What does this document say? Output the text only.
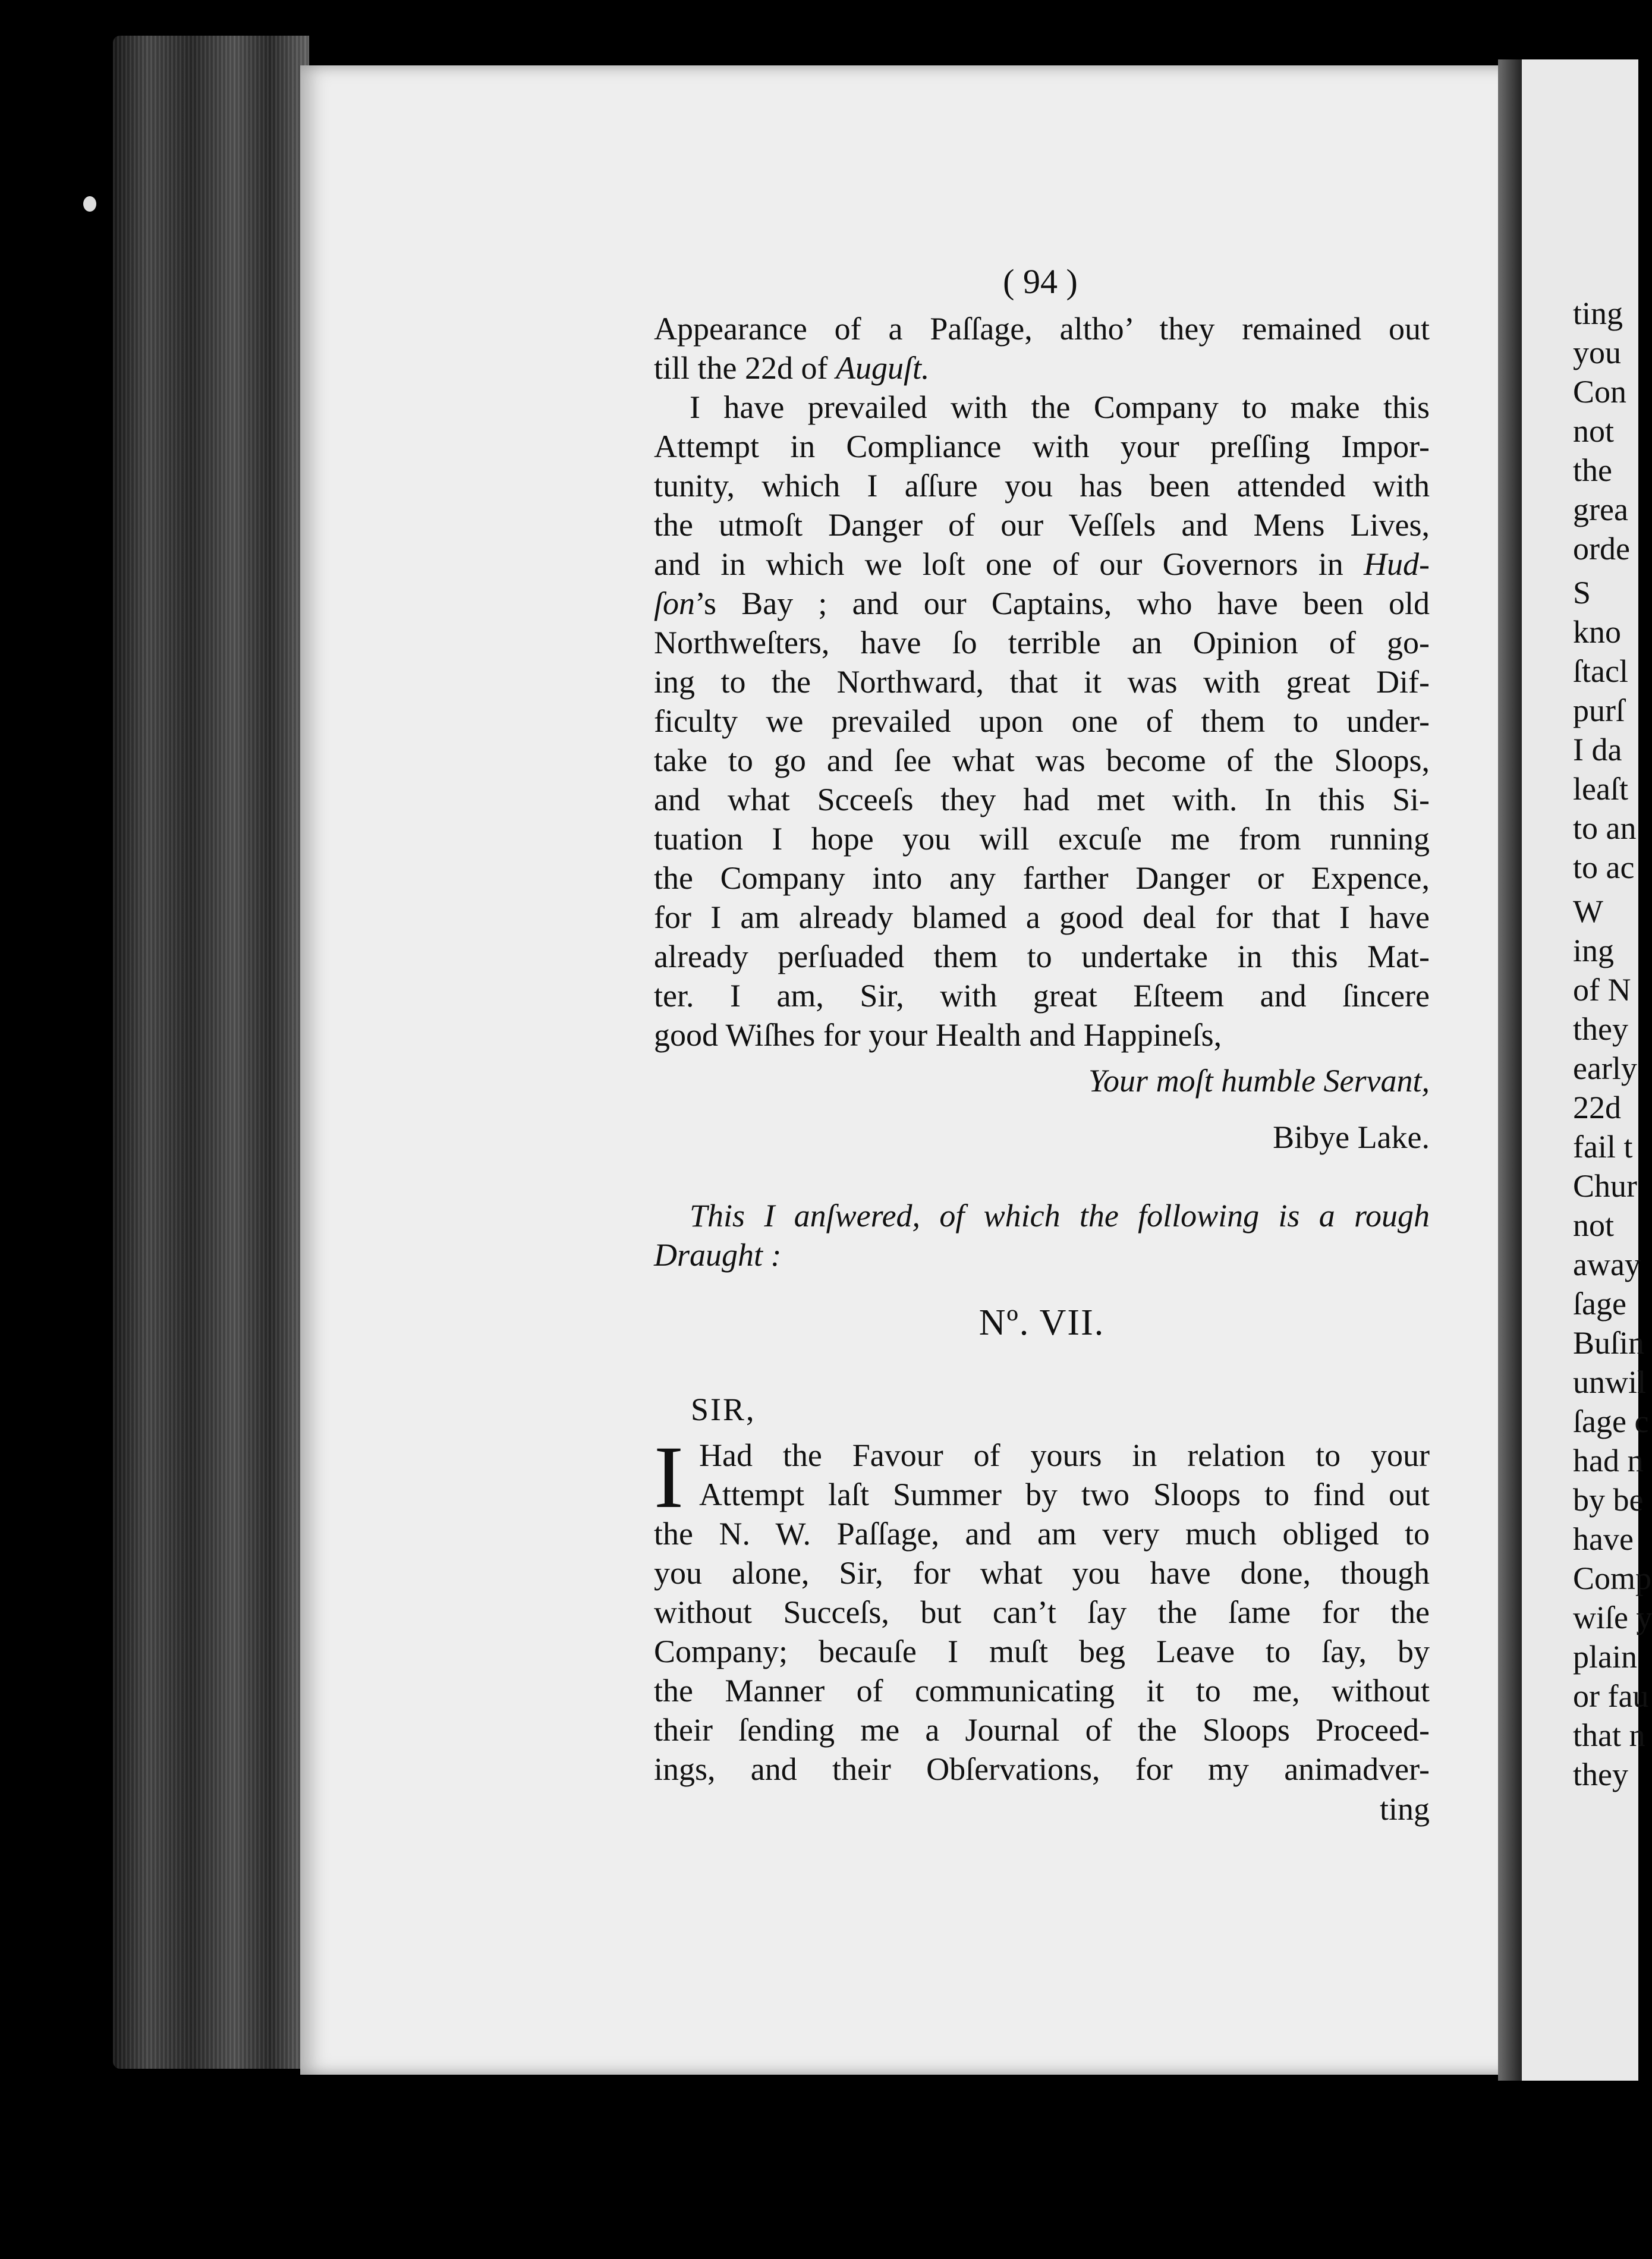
ting
you
Con
not
the
grea
orde
S
kno
ſtacl
purſ
I da
leaſt
to an
to ac
W
ing
of N
they
early
22d
fail t
Chur
not
away
ſage
Buſin
unwil
ſage c
had n
by be
have
Comp
wiſe y
plain
or fau
that n
they
( 94 )
Appearance of a Paſſage, altho’ they remained out
till the 22d of Auguſt.
I have prevailed with the Company to make this
Attempt in Compliance with your preſſing Impor-
tunity, which I aſſure you has been attended with
the utmoſt Danger of our Veſſels and Mens Lives,
and in which we loſt one of our Governors in Hud-
ſon’s Bay ; and our Captains, who have been old
Northweſters, have ſo terrible an Opinion of go-
ing to the Northward, that it was with great Dif-
ficulty we prevailed upon one of them to under-
take to go and ſee what was become of the Sloops,
and what Scceeſs they had met with. In this Si-
tuation I hope you will excuſe me from running
the Company into any farther Danger or Expence,
for I am already blamed a good deal for that I have
already perſuaded them to undertake in this Mat-
ter. I am, Sir, with great Eſteem and ſincere
good Wiſhes for your Health and Happineſs,
Your moſt humble Servant,
Bibye Lake.
This I anſwered, of which the following is a rough
Draught :
Nº. VII.
SIR,
I Had the Favour of yours in relation to your
Attempt laſt Summer by two Sloops to find out
the N. W. Paſſage, and am very much obliged to
you alone, Sir, for what you have done, though
without Succeſs, but can’t ſay the ſame for the
Company; becauſe I muſt beg Leave to ſay, by
the Manner of communicating it to me, without
their ſending me a Journal of the Sloops Proceed-
ings, and their Obſervations, for my animadver-
ting
